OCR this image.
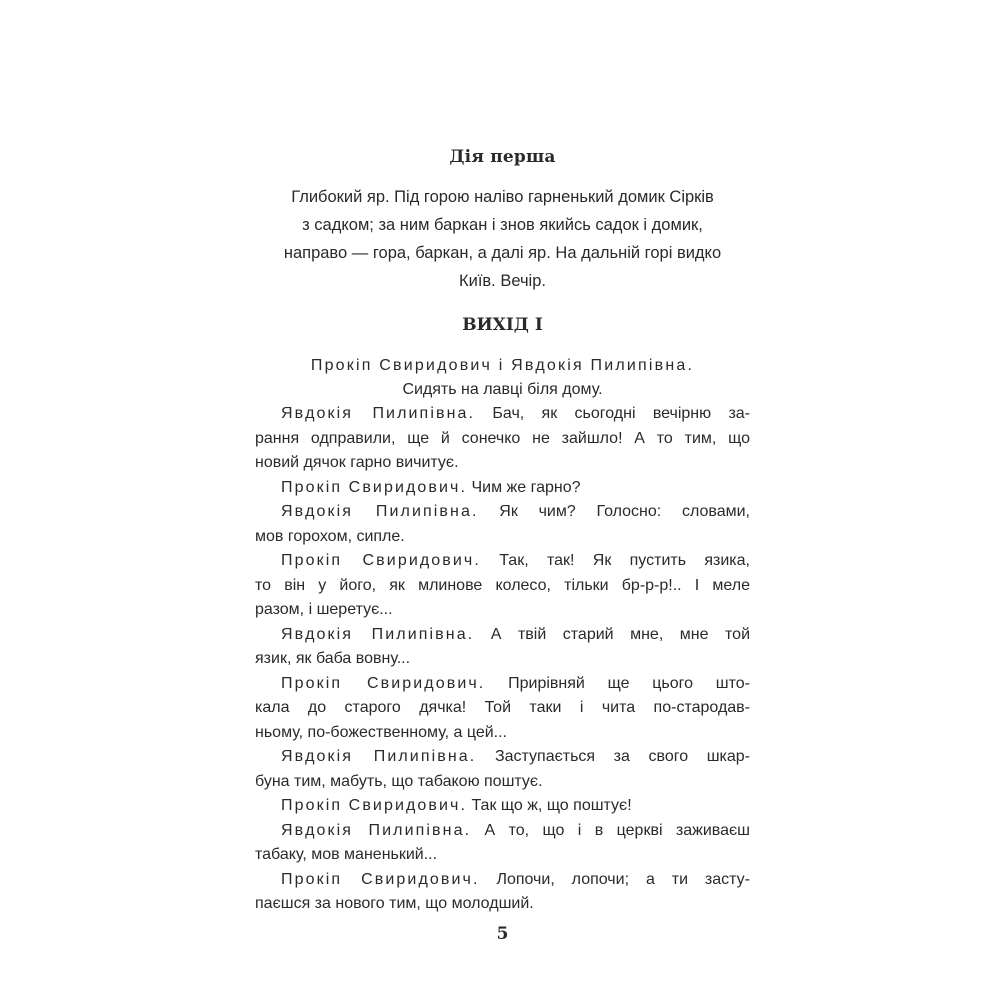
Дія перша
Глибокий яр. Під горою наліво гарненький домик Сірків
з садком; за ним баркан і знов якийсь садок і домик,
направо — гора, баркан, а далі яр. На дальній горі видко
Київ. Вечір.
ВИХІД І
Прокіп Свиридович і Явдокія Пилипівна.
Сидять на лавці біля дому.
Явдокія Пилипівна. Бач, як сьогодні вечірню за-
рання одправили, ще й сонечко не зайшло! А то тим, що
новий дячок гарно вичитує.
Прокіп Свиридович. Чим же гарно?
Явдокія Пилипівна. Як чим? Голосно: словами,
мов горохом, сипле.
Прокіп Свиридович. Так, так! Як пустить язика,
то він у його, як млинове колесо, тільки бр-р-р!.. І меле
разом, і шеретує...
Явдокія Пилипівна. А твій старий мне, мне той
язик, як баба вовну...
Прокіп Свиридович. Прирівняй ще цього што-
кала до старого дячка! Той таки і чита по-стародав-
ньому, по-божественному, а цей...
Явдокія Пилипівна. Заступається за свого шкар-
буна тим, мабуть, що табакою поштує.
Прокіп Свиридович. Так що ж, що поштує!
Явдокія Пилипівна. А то, що і в церкві заживаєш
табаку, мов маненький...
Прокіп Свиридович. Лопочи, лопочи; а ти засту-
паєшся за нового тим, що молодший.
5
